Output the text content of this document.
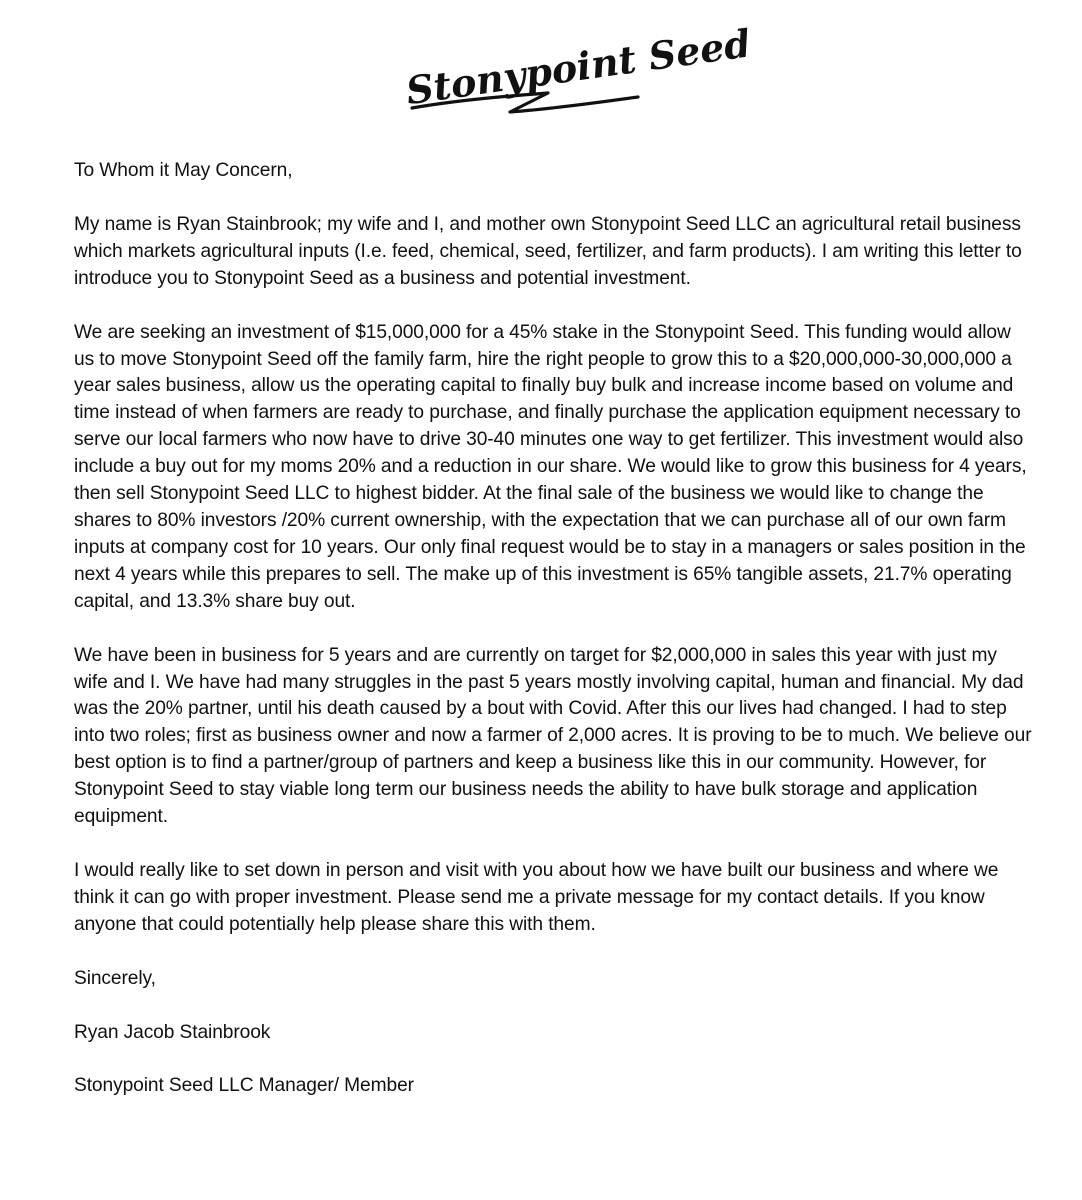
Stonypoint Seed

To Whom it May Concern,

My name is Ryan Stainbrook; my wife and I, and mother own Stonypoint Seed LLC an agricultural retail business which markets agricultural inputs (I.e. feed, chemical, seed, fertilizer, and farm products). I am writing this letter to introduce you to Stonypoint Seed as a business and potential investment.

We are seeking an investment of $15,000,000 for a 45% stake in the Stonypoint Seed. This funding would allow us to move Stonypoint Seed off the family farm, hire the right people to grow this to a $20,000,000-30,000,000 a year sales business, allow us the operating capital to finally buy bulk and increase income based on volume and time instead of when farmers are ready to purchase, and finally purchase the application equipment necessary to serve our local farmers who now have to drive 30-40 minutes one way to get fertilizer. This investment would also include a buy out for my moms 20% and a reduction in our share. We would like to grow this business for 4 years, then sell Stonypoint Seed LLC to highest bidder. At the final sale of the business we would like to change the shares to 80% investors /20% current ownership, with the expectation that we can purchase all of our own farm inputs at company cost for 10 years. Our only final request would be to stay in a managers or sales position in the next 4 years while this prepares to sell. The make up of this investment is 65% tangible assets, 21.7% operating capital, and 13.3% share buy out.

We have been in business for 5 years and are currently on target for $2,000,000 in sales this year with just my wife and I. We have had many struggles in the past 5 years mostly involving capital, human and financial. My dad was the 20% partner, until his death caused by a bout with Covid. After this our lives had changed. I had to step into two roles; first as business owner and now a farmer of 2,000 acres. It is proving to be to much. We believe our best option is to find a partner/group of partners and keep a business like this in our community. However, for Stonypoint Seed to stay viable long term our business needs the ability to have bulk storage and application equipment.

I would really like to set down in person and visit with you about how we have built our business and where we think it can go with proper investment. Please send me a private message for my contact details. If you know anyone that could potentially help please share this with them.

Sincerely,

Ryan Jacob Stainbrook

Stonypoint Seed LLC Manager/ Member
